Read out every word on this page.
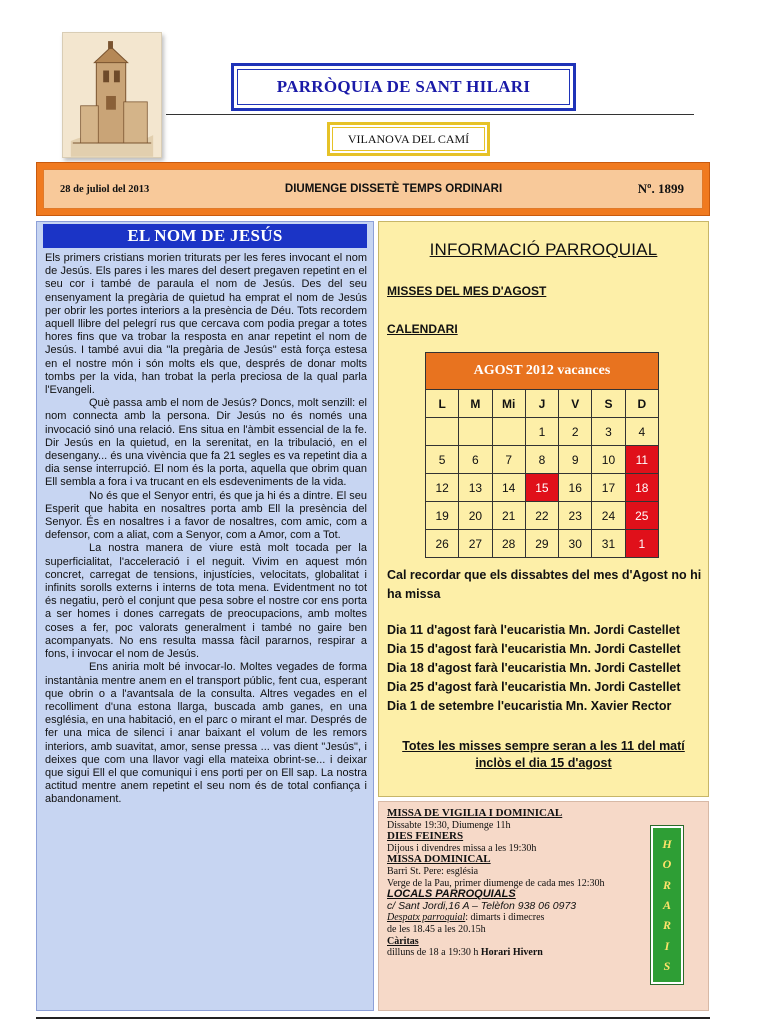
PARRÒQUIA DE SANT HILARI
VILANOVA DEL CAMÍ
28 de juliol del 2013	DIUMENGE DISSETÈ TEMPS ORDINARI	Nº. 1899
EL NOM DE JESÚS

Els primers cristians morien triturats per les feres invocant el nom de Jesús. Els pares i les mares del desert pregaven repetint en el seu cor i també de paraula el nom de Jesús. Des del seu ensenyament la pregària de quietud ha emprat el nom de Jesús per obrir les portes interiors a la presència de Déu. Tots recordem aquell llibre del pelegrí rus que cercava com podia pregar a totes hores fins que va trobar la resposta en anar repetint el nom de Jesús. I també avui dia "la pregària de Jesús" està força estesa en el nostre món i són molts els que, després de donar molts tombs per la vida, han trobat la perla preciosa de la qual parla l'Evangeli.

Què passa amb el nom de Jesús? Doncs, molt senzill: el nom connecta amb la persona. Dir Jesús no és només una invocació sinó una relació. Ens situa en l'àmbit essencial de la fe. Dir Jesús en la quietud, en la serenitat, en la tribulació, en el desengany... és una vivència que fa 21 segles es va repetint dia a dia sense interrupció. El nom és la porta, aquella que obrim quan Ell sembla a fora i va trucant en els esdeveniments de la vida.

No és que el Senyor entri, és que ja hi és a dintre. El seu Esperit que habita en nosaltres porta amb Ell la presència del Senyor. És en nosaltres i a favor de nosaltres, com amic, com a defensor, com a aliat, com a Senyor, com a Amor, com a Tot.

La nostra manera de viure està molt tocada per la superficialitat, l'acceleració i el neguit. Vivim en aquest món concret, carregat de tensions, injustícies, velocitats, globalitat i infinits sorolls externs i interns de tota mena. Evidentment no tot és negatiu, però el conjunt que pesa sobre el nostre cor ens porta a ser homes i dones carregats de preocupacions, amb moltes coses a fer, poc valorats generalment i també no gaire ben acompanyats. No ens resulta massa fàcil pararnos, respirar a fons, i invocar el nom de Jesús.

Ens aniria molt bé invocar-lo. Moltes vegades de forma instantània mentre anem en el transport públic, fent cua, esperant que obrin o a l'avantsala de la consulta. Altres vegades en el recolliment d'una estona llarga, buscada amb ganes, en una església, en una habitació, en el parc o mirant el mar. Després de fer una mica de silenci i anar baixant el volum de les remors interiors, amb suavitat, amor, sense pressa ... vas dient "Jesús", i deixes que com una llavor vagi ella mateixa obrint-se... i deixar que sigui Ell el que comuniqui i ens porti per on Ell sap. La nostra actitud mentre anem repetint el seu nom és de total confiança i abandonament.

INFORMACIÓ PARROQUIAL
MISSES DEL MES D'AGOST
CALENDARI
AGOST 2012 vacances						
L	M	Mi	J	V	S	D
			1	2	3	4
5	6	7	8	9	10	11
12	13	14	15	16	17	18
19	20	21	22	23	24	25
26	27	28	29	30	31	1
Cal recordar que els dissabtes del mes d'Agost no hi ha missa
Dia 11 d'agost farà l'eucaristia Mn. Jordi Castellet
Dia 15 d'agost farà l'eucaristia Mn. Jordi Castellet
Dia 18 d'agost farà l'eucaristia Mn. Jordi Castellet
Dia 25 d'agost farà l'eucaristia Mn. Jordi Castellet
Dia 1 de setembre l'eucaristia Mn. Xavier Rector
Totes les misses sempre seran a les 11 del matí
inclòs el dia 15 d'agost
MISSA DE VIGILIA I DOMINICAL
Dissabte 19:30, Diumenge 11h
DIES FEINERS
Dijous i divendres missa a les 19:30h
MISSA DOMINICAL
Barri St. Pere: església
Verge de la Pau, primer diumenge de cada mes 12:30h
LOCALS PARROQUIALS
c/ Sant Jordi,16 A – Telèfon 938 06 0973
Despatx parroquial: dimarts i dimecres
de les 18.45 a les 20.15h
Càritas
dilluns de 18 a 19:30 h Horari Hivern
H
O
R
A
R
I
S
